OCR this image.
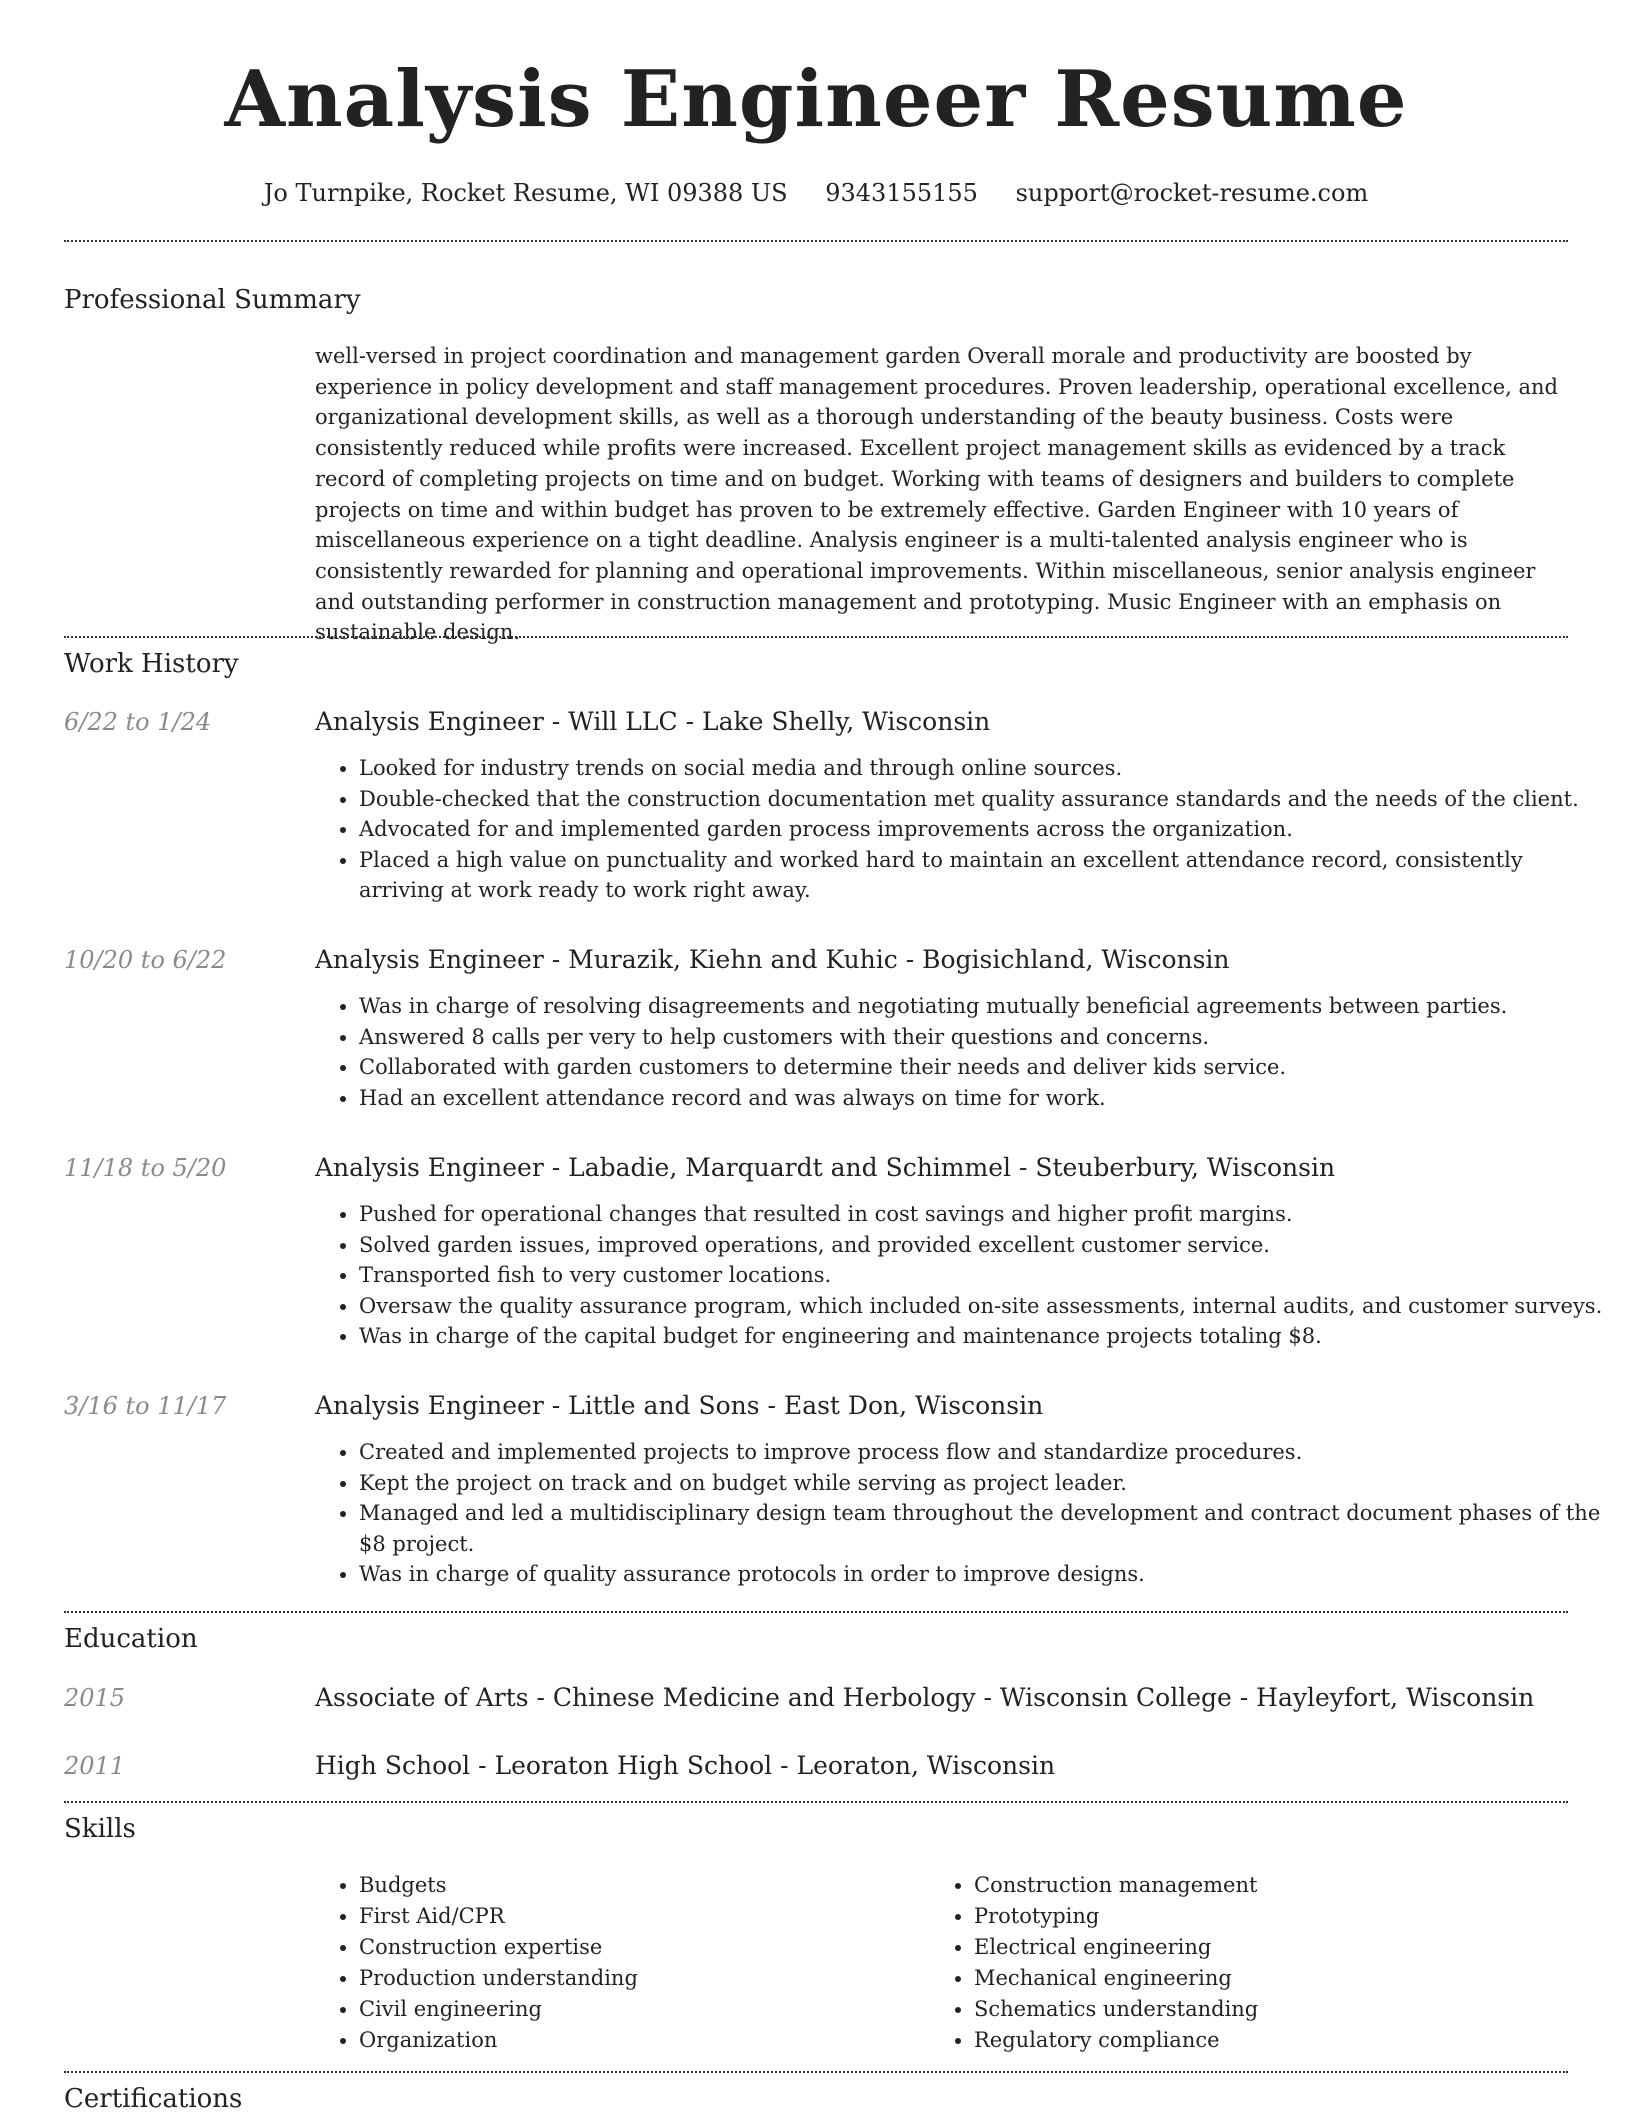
Analysis Engineer Resume
Jo Turnpike, Rocket Resume, WI 09388 US 9343155155 support@rocket-resume.com
Professional Summary

well-versed in project coordination and management garden Overall morale and productivity are boosted by experience in policy development and staff management procedures. Proven leadership, operational excellence, and organizational development skills, as well as a thorough understanding of the beauty business. Costs were consistently reduced while profits were increased. Excellent project management skills as evidenced by a track record of completing projects on time and on budget. Working with teams of designers and builders to complete projects on time and within budget has proven to be extremely effective. Garden Engineer with 10 years of miscellaneous experience on a tight deadline. Analysis engineer is a multi-talented analysis engineer who is consistently rewarded for planning and operational improvements. Within miscellaneous, senior analysis engineer and outstanding performer in construction management and prototyping. Music Engineer with an emphasis on sustainable design.

Work History
6/22 to 1/24	Analysis Engineer - Will LLC - Lake Shelly, Wisconsin
• Looked for industry trends on social media and through online sources.
• Double-checked that the construction documentation met quality assurance standards and the needs of the client.
• Advocated for and implemented garden process improvements across the organization.
• Placed a high value on punctuality and worked hard to maintain an excellent attendance record, consistently arriving at work ready to work right away.
10/20 to 6/22	Analysis Engineer - Murazik, Kiehn and Kuhic - Bogisichland, Wisconsin
• Was in charge of resolving disagreements and negotiating mutually beneficial agreements between parties.
• Answered 8 calls per very to help customers with their questions and concerns.
• Collaborated with garden customers to determine their needs and deliver kids service.
• Had an excellent attendance record and was always on time for work.
11/18 to 5/20	Analysis Engineer - Labadie, Marquardt and Schimmel - Steuberbury, Wisconsin
• Pushed for operational changes that resulted in cost savings and higher profit margins.
• Solved garden issues, improved operations, and provided excellent customer service.
• Transported fish to very customer locations.
• Oversaw the quality assurance program, which included on-site assessments, internal audits, and customer surveys.
• Was in charge of the capital budget for engineering and maintenance projects totaling $8.
3/16 to 11/17	Analysis Engineer - Little and Sons - East Don, Wisconsin
• Created and implemented projects to improve process flow and standardize procedures.
• Kept the project on track and on budget while serving as project leader.
• Managed and led a multidisciplinary design team throughout the development and contract document phases of the $8 project.
• Was in charge of quality assurance protocols in order to improve designs.
Education
2015	Associate of Arts - Chinese Medicine and Herbology - Wisconsin College - Hayleyfort, Wisconsin
2011	High School - Leoraton High School - Leoraton, Wisconsin
Skills
• Budgets
• First Aid/CPR
• Construction expertise
• Production understanding
• Civil engineering
• Organization
• Construction management
• Prototyping
• Electrical engineering
• Mechanical engineering
• Schematics understanding
• Regulatory compliance
Certifications
